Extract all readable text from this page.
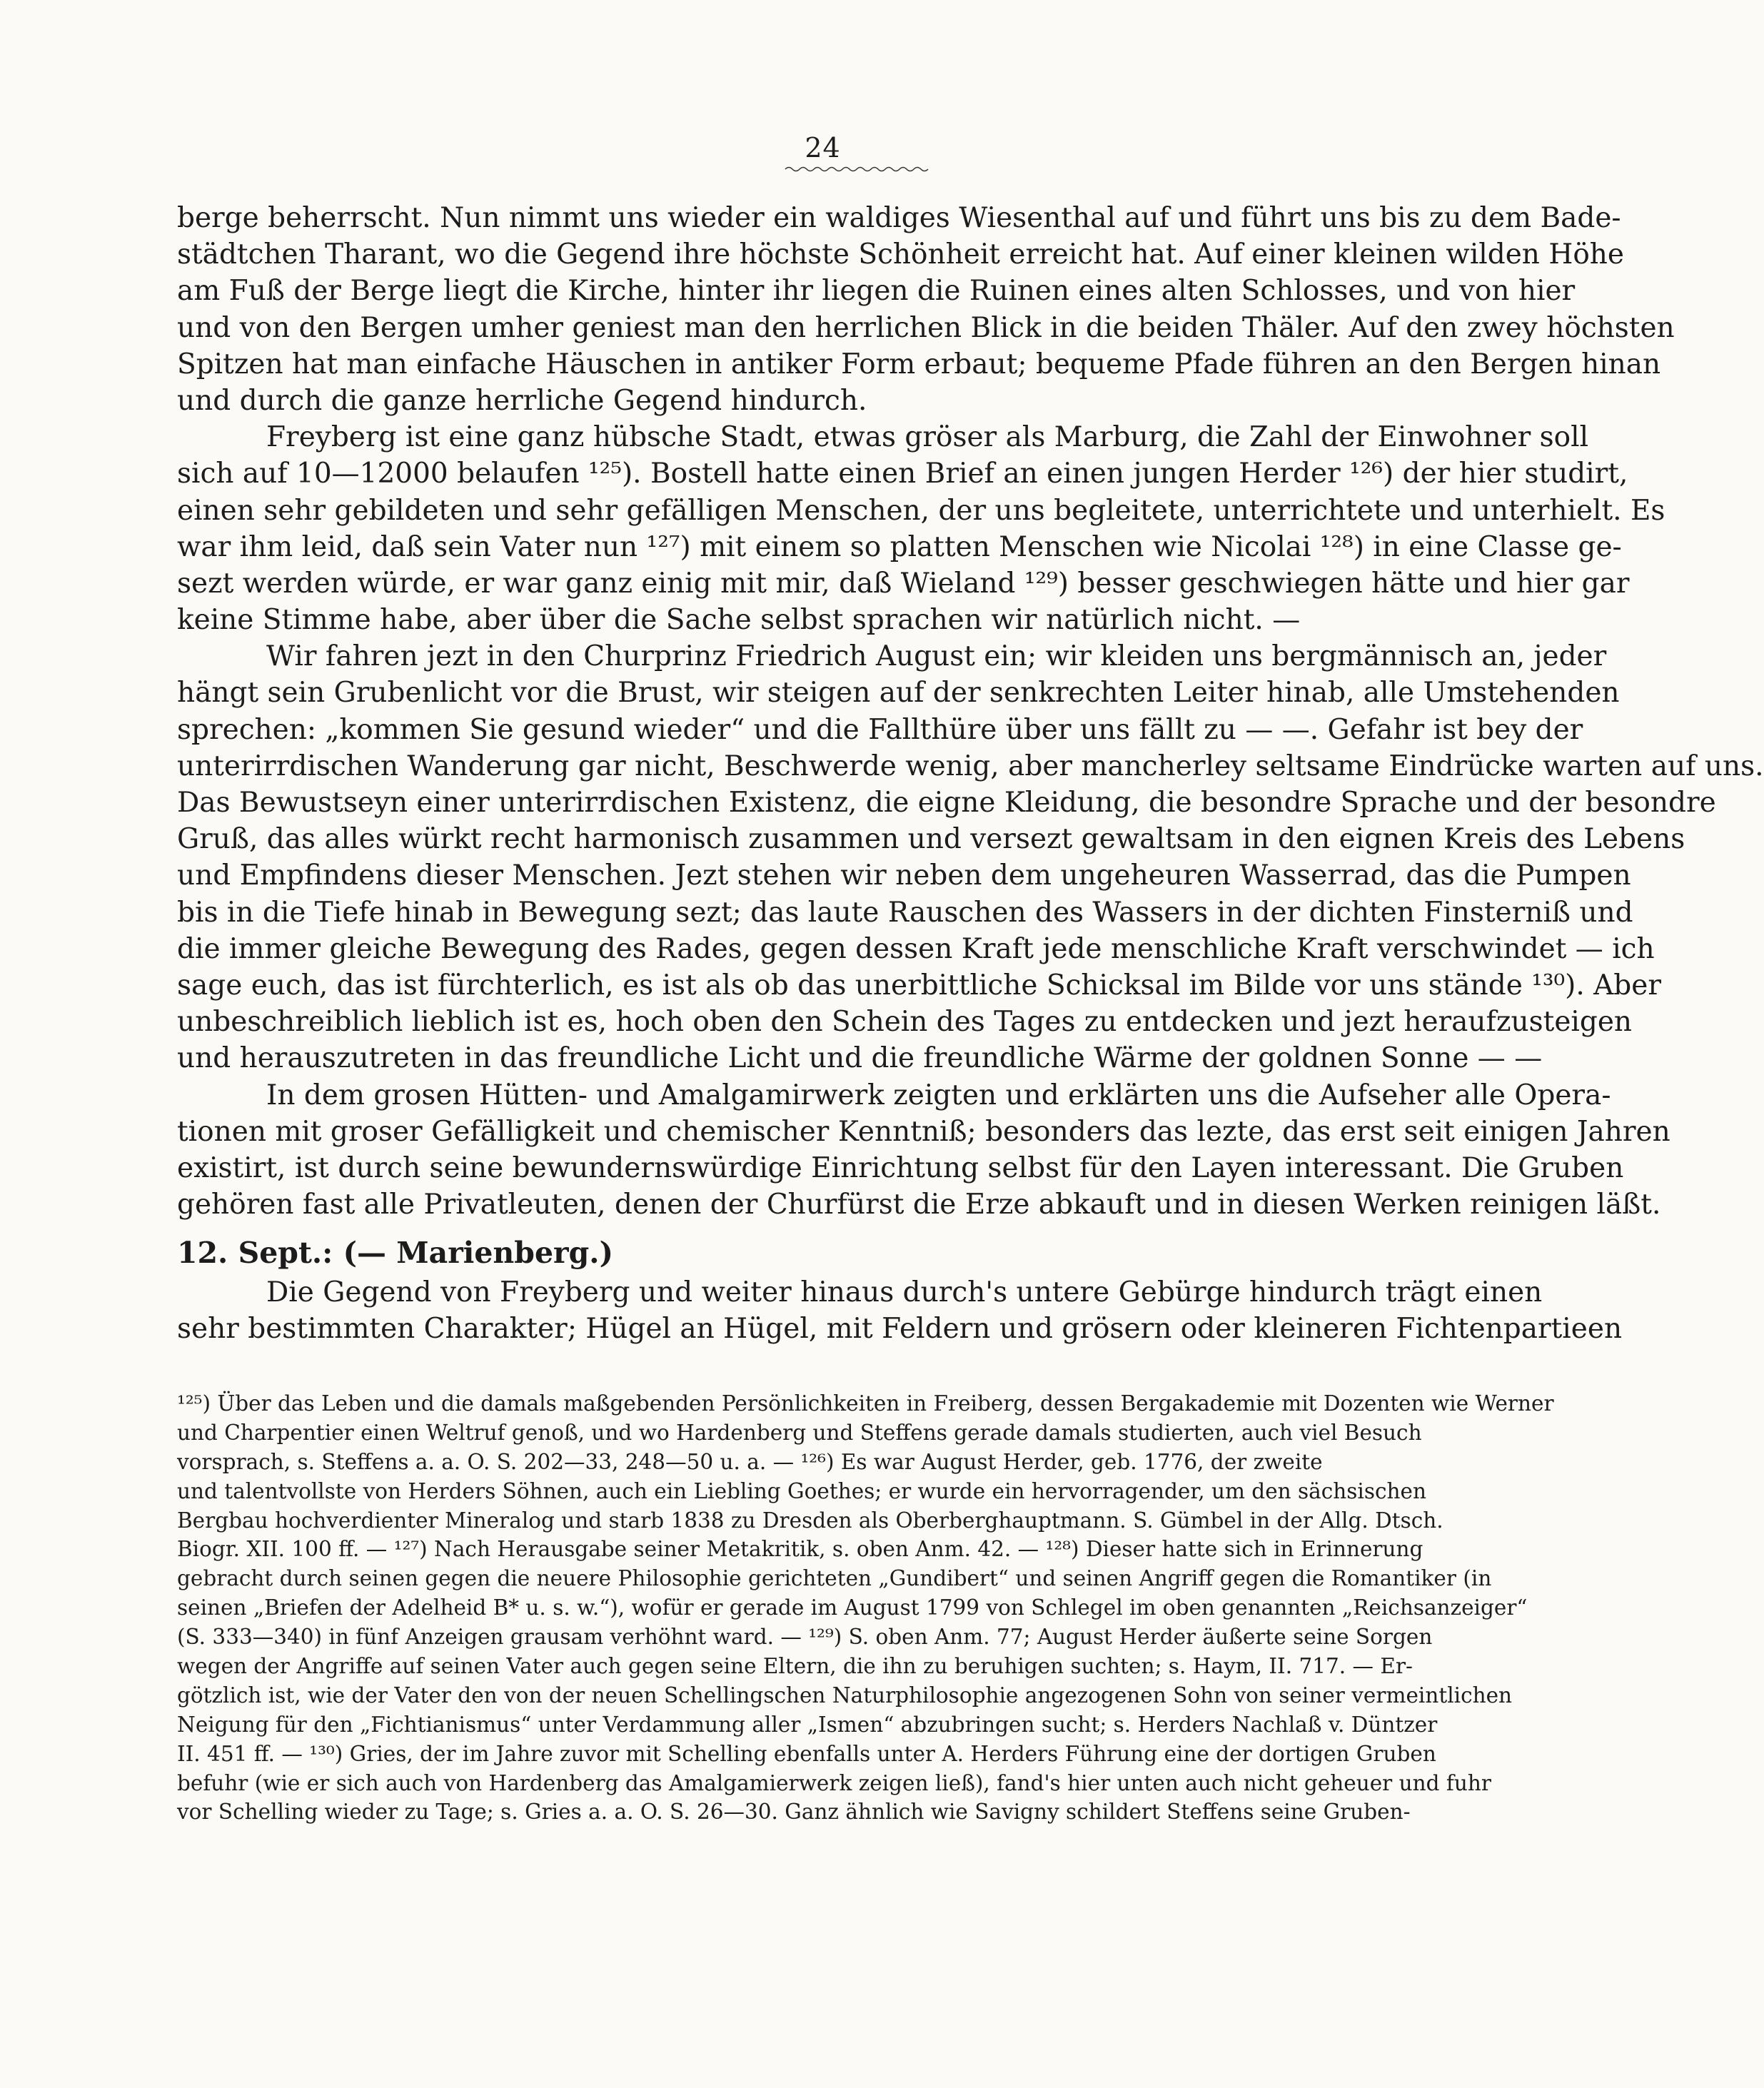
24
berge beherrscht. Nun nimmt uns wieder ein waldiges Wiesenthal auf und führt uns bis zu dem Bade-
städtchen Tharant, wo die Gegend ihre höchste Schönheit erreicht hat. Auf einer kleinen wilden Höhe
am Fuß der Berge liegt die Kirche, hinter ihr liegen die Ruinen eines alten Schlosses, und von hier
und von den Bergen umher geniest man den herrlichen Blick in die beiden Thäler. Auf den zwey höchsten
Spitzen hat man einfache Häuschen in antiker Form erbaut; bequeme Pfade führen an den Bergen hinan
und durch die ganze herrliche Gegend hindurch.
Freyberg ist eine ganz hübsche Stadt, etwas gröser als Marburg, die Zahl der Einwohner soll
sich auf 10—12000 belaufen ¹²⁵). Bostell hatte einen Brief an einen jungen Herder ¹²⁶) der hier studirt,
einen sehr gebildeten und sehr gefälligen Menschen, der uns begleitete, unterrichtete und unterhielt. Es
war ihm leid, daß sein Vater nun ¹²⁷) mit einem so platten Menschen wie Nicolai ¹²⁸) in eine Classe ge-
sezt werden würde, er war ganz einig mit mir, daß Wieland ¹²⁹) besser geschwiegen hätte und hier gar
keine Stimme habe, aber über die Sache selbst sprachen wir natürlich nicht. —
Wir fahren jezt in den Churprinz Friedrich August ein; wir kleiden uns bergmännisch an, jeder
hängt sein Grubenlicht vor die Brust, wir steigen auf der senkrechten Leiter hinab, alle Umstehenden
sprechen: „kommen Sie gesund wieder“ und die Fallthüre über uns fällt zu — —. Gefahr ist bey der
unterirrdischen Wanderung gar nicht, Beschwerde wenig, aber mancherley seltsame Eindrücke warten auf uns.
Das Bewustseyn einer unterirrdischen Existenz, die eigne Kleidung, die besondre Sprache und der besondre
Gruß, das alles würkt recht harmonisch zusammen und versezt gewaltsam in den eignen Kreis des Lebens
und Empfindens dieser Menschen. Jezt stehen wir neben dem ungeheuren Wasserrad, das die Pumpen
bis in die Tiefe hinab in Bewegung sezt; das laute Rauschen des Wassers in der dichten Finsterniß und
die immer gleiche Bewegung des Rades, gegen dessen Kraft jede menschliche Kraft verschwindet — ich
sage euch, das ist fürchterlich, es ist als ob das unerbittliche Schicksal im Bilde vor uns stände ¹³⁰). Aber
unbeschreiblich lieblich ist es, hoch oben den Schein des Tages zu entdecken und jezt heraufzusteigen
und herauszutreten in das freundliche Licht und die freundliche Wärme der goldnen Sonne — —
In dem grosen Hütten- und Amalgamirwerk zeigten und erklärten uns die Aufseher alle Opera-
tionen mit groser Gefälligkeit und chemischer Kenntniß; besonders das lezte, das erst seit einigen Jahren
existirt, ist durch seine bewundernswürdige Einrichtung selbst für den Layen interessant. Die Gruben
gehören fast alle Privatleuten, denen der Churfürst die Erze abkauft und in diesen Werken reinigen läßt.
12. Sept.: (— Marienberg.)
Die Gegend von Freyberg und weiter hinaus durch's untere Gebürge hindurch trägt einen
sehr bestimmten Charakter; Hügel an Hügel, mit Feldern und grösern oder kleineren Fichtenpartieen
¹²⁵) Über das Leben und die damals maßgebenden Persönlichkeiten in Freiberg, dessen Bergakademie mit Dozenten wie Werner
und Charpentier einen Weltruf genoß, und wo Hardenberg und Steffens gerade damals studierten, auch viel Besuch
vorsprach, s. Steffens a. a. O. S. 202—33, 248—50 u. a. — ¹²⁶) Es war August Herder, geb. 1776, der zweite
und talentvollste von Herders Söhnen, auch ein Liebling Goethes; er wurde ein hervorragender, um den sächsischen
Bergbau hochverdienter Mineralog und starb 1838 zu Dresden als Oberberghauptmann. S. Gümbel in der Allg. Dtsch.
Biogr. XII. 100 ff. — ¹²⁷) Nach Herausgabe seiner Metakritik, s. oben Anm. 42. — ¹²⁸) Dieser hatte sich in Erinnerung
gebracht durch seinen gegen die neuere Philosophie gerichteten „Gundibert“ und seinen Angriff gegen die Romantiker (in
seinen „Briefen der Adelheid B* u. s. w.“), wofür er gerade im August 1799 von Schlegel im oben genannten „Reichsanzeiger“
(S. 333—340) in fünf Anzeigen grausam verhöhnt ward. — ¹²⁹) S. oben Anm. 77; August Herder äußerte seine Sorgen
wegen der Angriffe auf seinen Vater auch gegen seine Eltern, die ihn zu beruhigen suchten; s. Haym, II. 717. — Er-
götzlich ist, wie der Vater den von der neuen Schellingschen Naturphilosophie angezogenen Sohn von seiner vermeintlichen
Neigung für den „Fichtianismus“ unter Verdammung aller „Ismen“ abzubringen sucht; s. Herders Nachlaß v. Düntzer
II. 451 ff. — ¹³⁰) Gries, der im Jahre zuvor mit Schelling ebenfalls unter A. Herders Führung eine der dortigen Gruben
befuhr (wie er sich auch von Hardenberg das Amalgamierwerk zeigen ließ), fand's hier unten auch nicht geheuer und fuhr
vor Schelling wieder zu Tage; s. Gries a. a. O. S. 26—30. Ganz ähnlich wie Savigny schildert Steffens seine Gruben-
